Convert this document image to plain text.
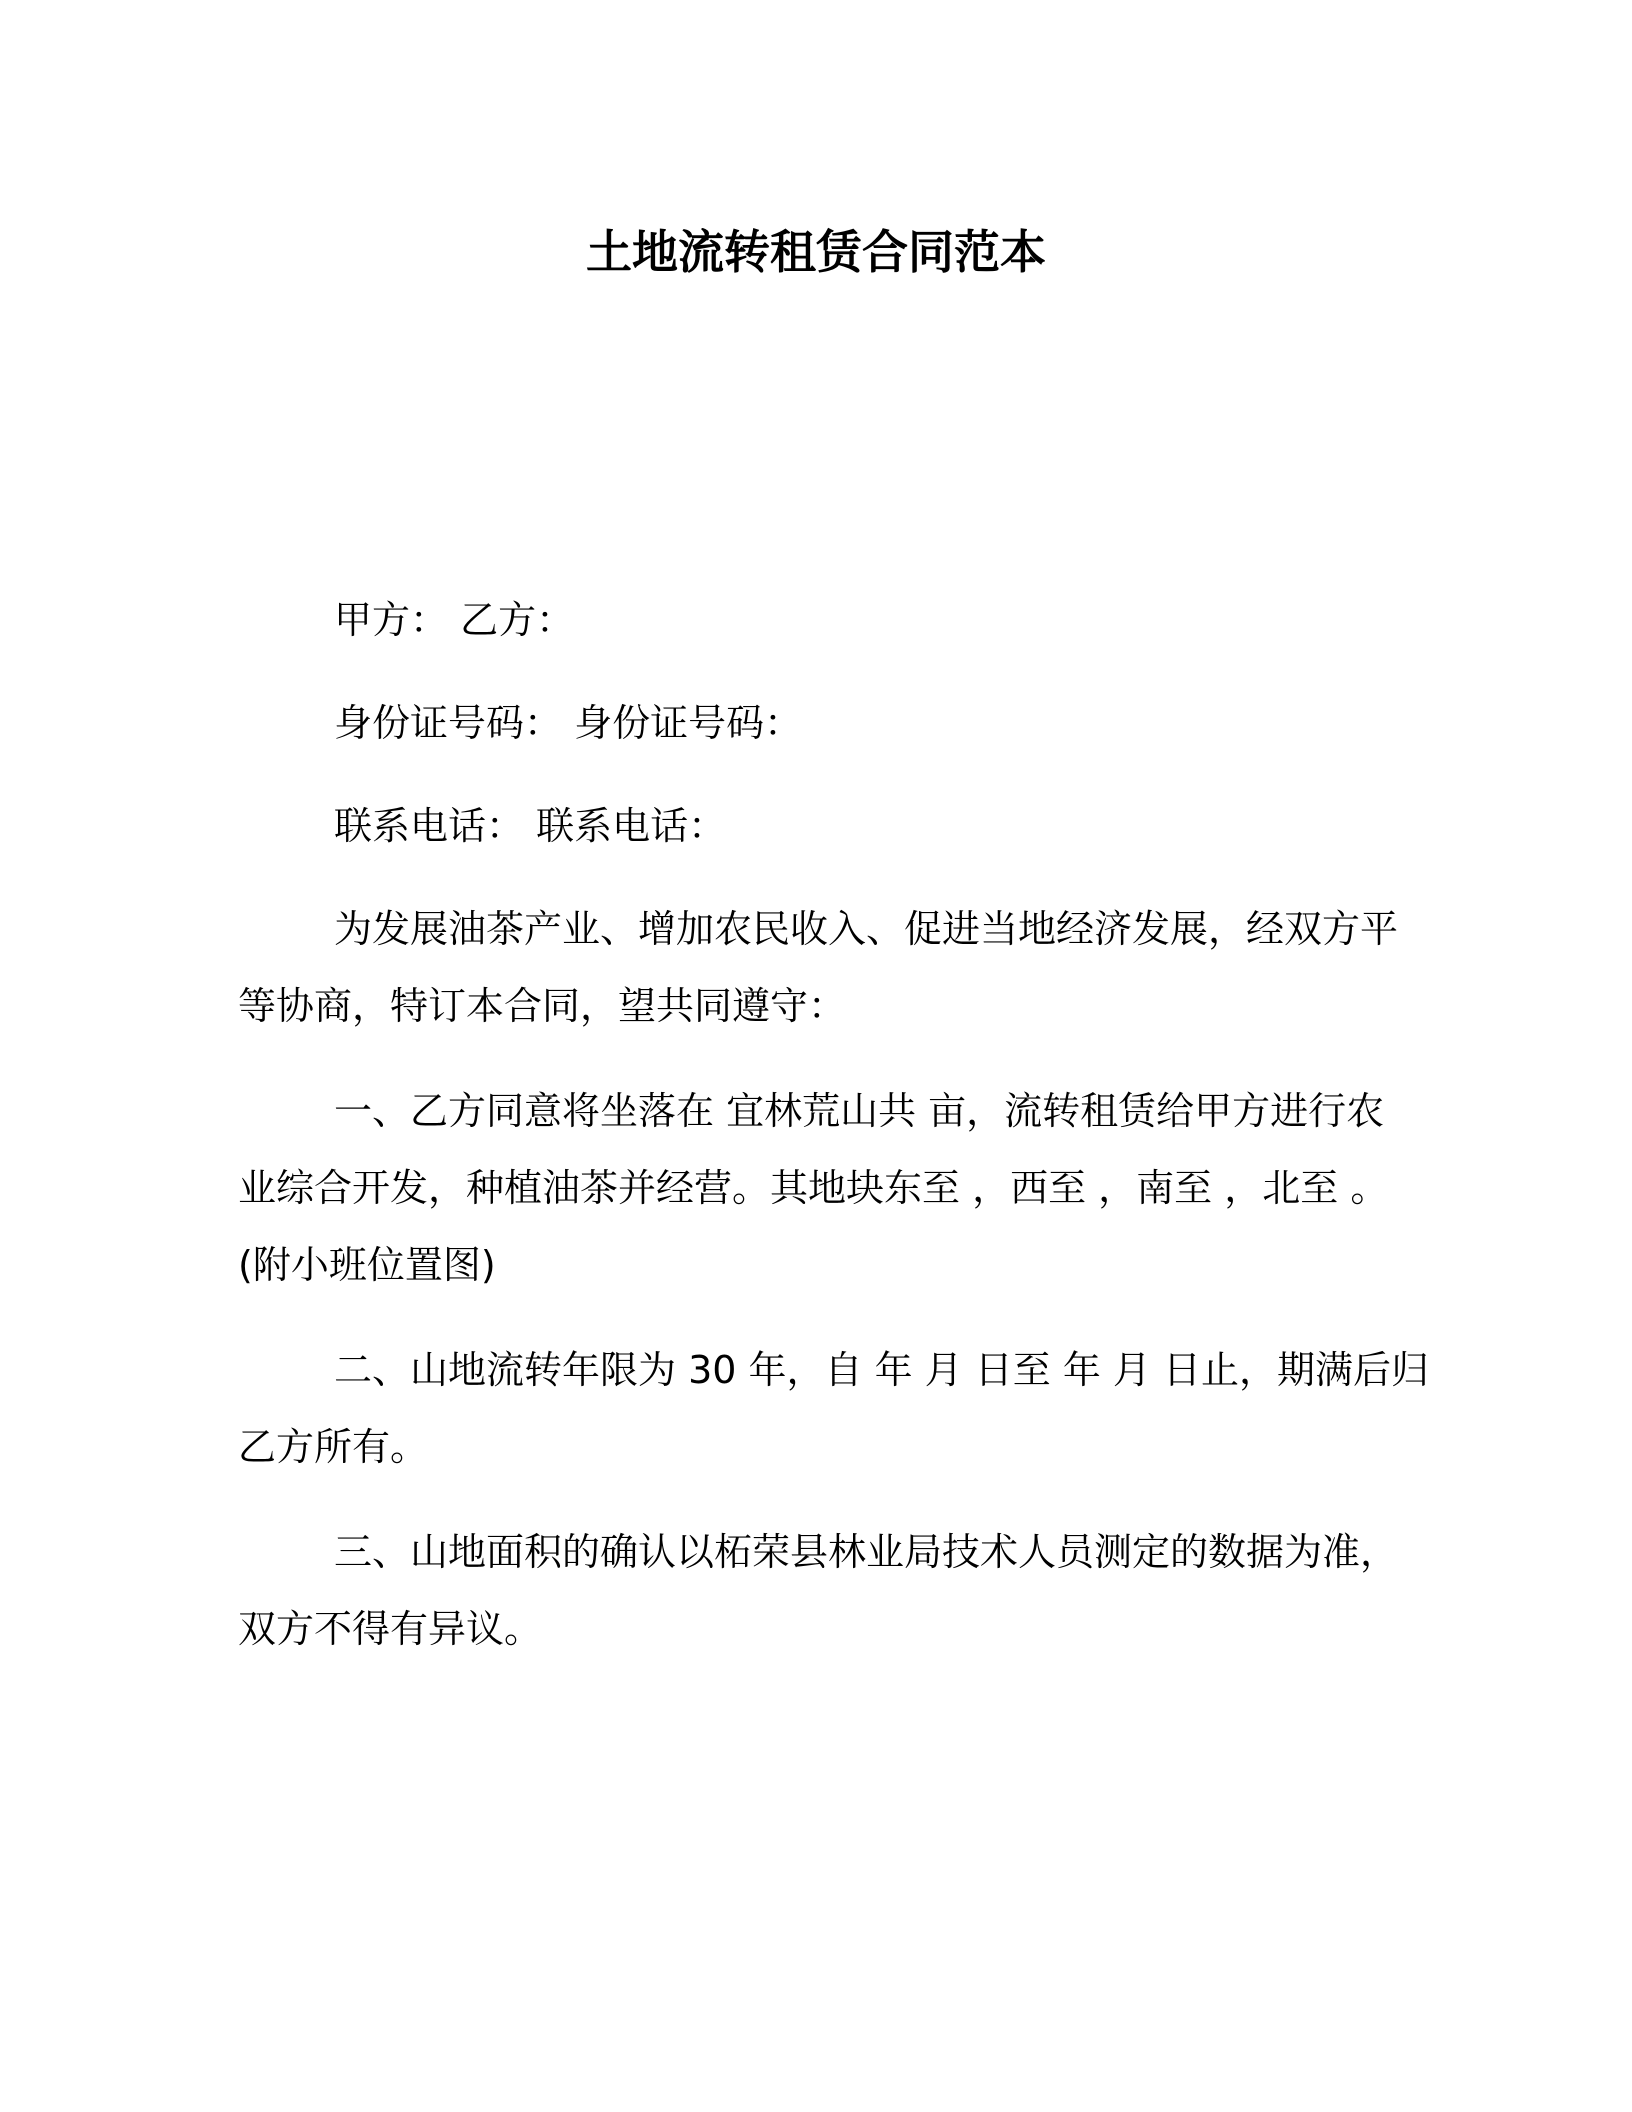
土地流转租赁合同范本
甲方： 乙方：
身份证号码： 身份证号码：
联系电话： 联系电话：
为发展油茶产业、增加农民收入、促进当地经济发展，经双方平
等协商，特订本合同，望共同遵守：
一、乙方同意将坐落在 宜林荒山共 亩，流转租赁给甲方进行农
业综合开发，种植油茶并经营。其地块东至 ，西至 ，南至 ，北至 。
(附小班位置图)
二、山地流转年限为 30 年，自 年 月 日至 年 月 日止，期满后归
乙方所有。
三、山地面积的确认以柘荣县林业局技术人员测定的数据为准，
双方不得有异议。
